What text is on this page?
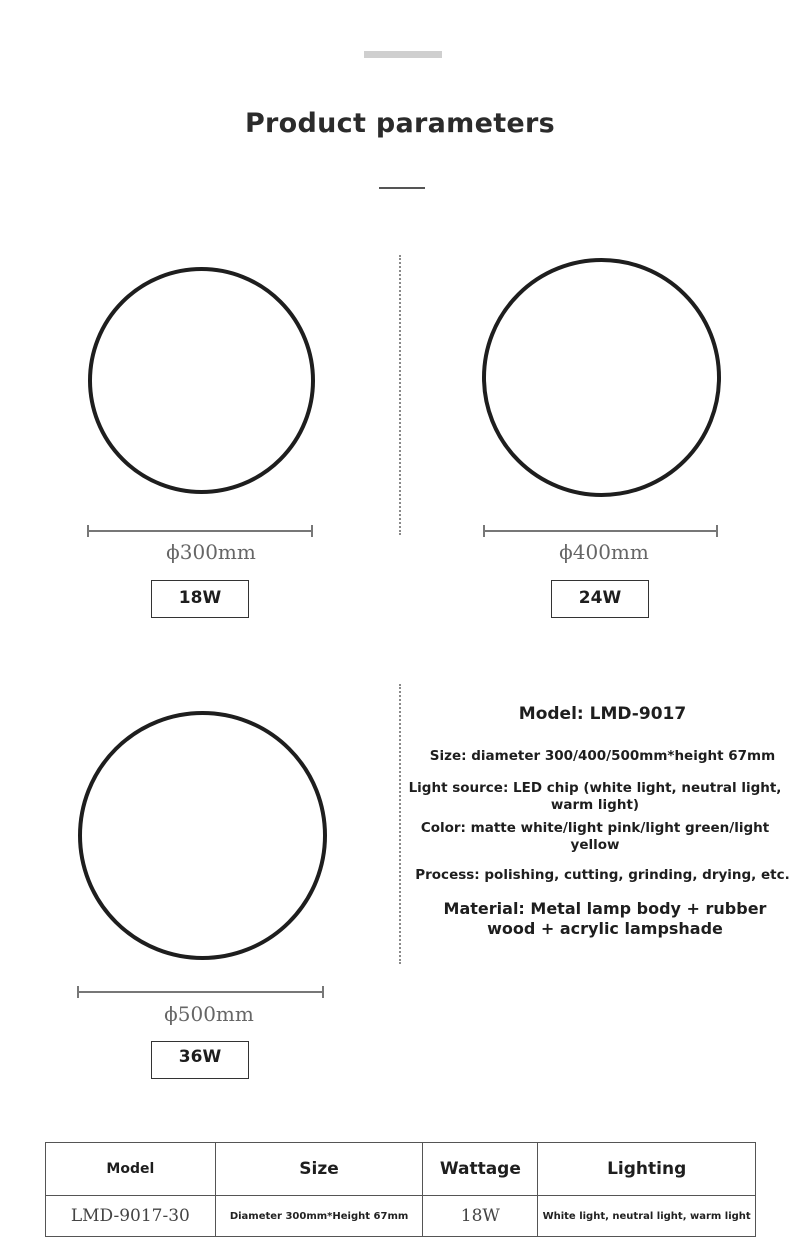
Product parameters
ϕ300mm
18W
ϕ400mm
24W
ϕ500mm
36W
Model: LMD-9017
Size: diameter 300/400/500mm*height 67mm
Light source: LED chip (white light, neutral light, warm light)
Color: matte white/light pink/light green/light yellow
Process: polishing, cutting, grinding, drying, etc.
Material: Metal lamp body + rubber wood + acrylic lampshade
Model	Size	Wattage	Lighting
LMD-9017-30	Diameter 300mm*Height 67mm	18W	White light, neutral light, warm light
